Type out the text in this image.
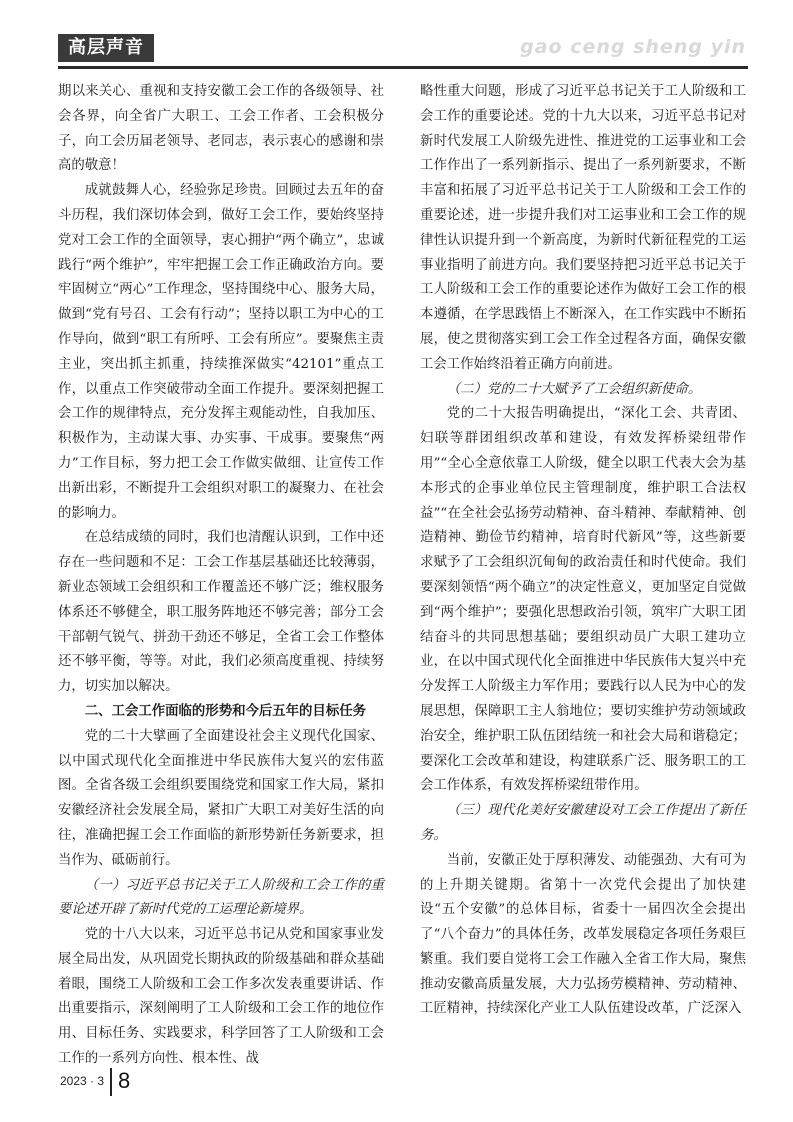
高层声音	gao ceng sheng yin

期以来关心、重视和支持安徽工会工作的各级领导、社会各界，向全省广大职工、工会工作者、工会积极分子，向工会历届老领导、老同志，表示衷心的感谢和崇高的敬意！

成就鼓舞人心，经验弥足珍贵。回顾过去五年的奋斗历程，我们深切体会到，做好工会工作，要始终坚持党对工会工作的全面领导，衷心拥护“两个确立”，忠诚践行“两个维护”，牢牢把握工会工作正确政治方向。要牢固树立“两心”工作理念，坚持围绕中心、服务大局，做到“党有号召、工会有行动”；坚持以职工为中心的工作导向，做到“职工有所呼、工会有所应”。要聚焦主责主业，突出抓主抓重，持续推深做实“42101”重点工作，以重点工作突破带动全面工作提升。要深刻把握工会工作的规律特点，充分发挥主观能动性，自我加压、积极作为，主动谋大事、办实事、干成事。要聚焦“两力”工作目标，努力把工会工作做实做细、让宣传工作出新出彩，不断提升工会组织对职工的凝聚力、在社会的影响力。

在总结成绩的同时，我们也清醒认识到，工作中还存在一些问题和不足：工会工作基层基础还比较薄弱，新业态领域工会组织和工作覆盖还不够广泛；维权服务体系还不够健全，职工服务阵地还不够完善；部分工会干部朝气锐气、拼劲干劲还不够足，全省工会工作整体还不够平衡，等等。对此，我们必须高度重视、持续努力，切实加以解决。

二、工会工作面临的形势和今后五年的目标任务

党的二十大擘画了全面建设社会主义现代化国家、以中国式现代化全面推进中华民族伟大复兴的宏伟蓝图。全省各级工会组织要围绕党和国家工作大局，紧扣安徽经济社会发展全局，紧扣广大职工对美好生活的向往，准确把握工会工作面临的新形势新任务新要求，担当作为、砥砺前行。

（一）习近平总书记关于工人阶级和工会工作的重要论述开辟了新时代党的工运理论新境界。

党的十八大以来，习近平总书记从党和国家事业发展全局出发，从巩固党长期执政的阶级基础和群众基础着眼，围绕工人阶级和工会工作多次发表重要讲话、作出重要指示，深刻阐明了工人阶级和工会工作的地位作用、目标任务、实践要求，科学回答了工人阶级和工会工作的一系列方向性、根本性、战

略性重大问题，形成了习近平总书记关于工人阶级和工会工作的重要论述。党的十九大以来，习近平总书记对新时代发展工人阶级先进性、推进党的工运事业和工会工作作出了一系列新指示、提出了一系列新要求，不断丰富和拓展了习近平总书记关于工人阶级和工会工作的重要论述，进一步提升我们对工运事业和工会工作的规律性认识提升到一个新高度，为新时代新征程党的工运事业指明了前进方向。我们要坚持把习近平总书记关于工人阶级和工会工作的重要论述作为做好工会工作的根本遵循，在学思践悟上不断深入，在工作实践中不断拓展，使之贯彻落实到工会工作全过程各方面，确保安徽工会工作始终沿着正确方向前进。

（二）党的二十大赋予了工会组织新使命。

党的二十大报告明确提出，“深化工会、共青团、妇联等群团组织改革和建设，有效发挥桥梁纽带作用”“全心全意依靠工人阶级，健全以职工代表大会为基本形式的企事业单位民主管理制度，维护职工合法权益”“在全社会弘扬劳动精神、奋斗精神、奉献精神、创造精神、勤俭节约精神，培育时代新风”等，这些新要求赋予了工会组织沉甸甸的政治责任和时代使命。我们要深刻领悟“两个确立”的决定性意义，更加坚定自觉做到“两个维护”；要强化思想政治引领，筑牢广大职工团结奋斗的共同思想基础；要组织动员广大职工建功立业，在以中国式现代化全面推进中华民族伟大复兴中充分发挥工人阶级主力军作用；要践行以人民为中心的发展思想，保障职工主人翁地位；要切实维护劳动领域政治安全，维护职工队伍团结统一和社会大局和谐稳定；要深化工会改革和建设，构建联系广泛、服务职工的工会工作体系，有效发挥桥梁纽带作用。

（三）现代化美好安徽建设对工会工作提出了新任务。

当前，安徽正处于厚积薄发、动能强劲、大有可为的上升期关键期。省第十一次党代会提出了加快建设“五个安徽”的总体目标，省委十一届四次全会提出了“八个奋力”的具体任务，改革发展稳定各项任务艰巨繁重。我们要自觉将工会工作融入全省工作大局，聚焦推动安徽高质量发展，大力弘扬劳模精神、劳动精神、工匠精神，持续深化产业工人队伍建设改革，广泛深入

2023 · 3 8
